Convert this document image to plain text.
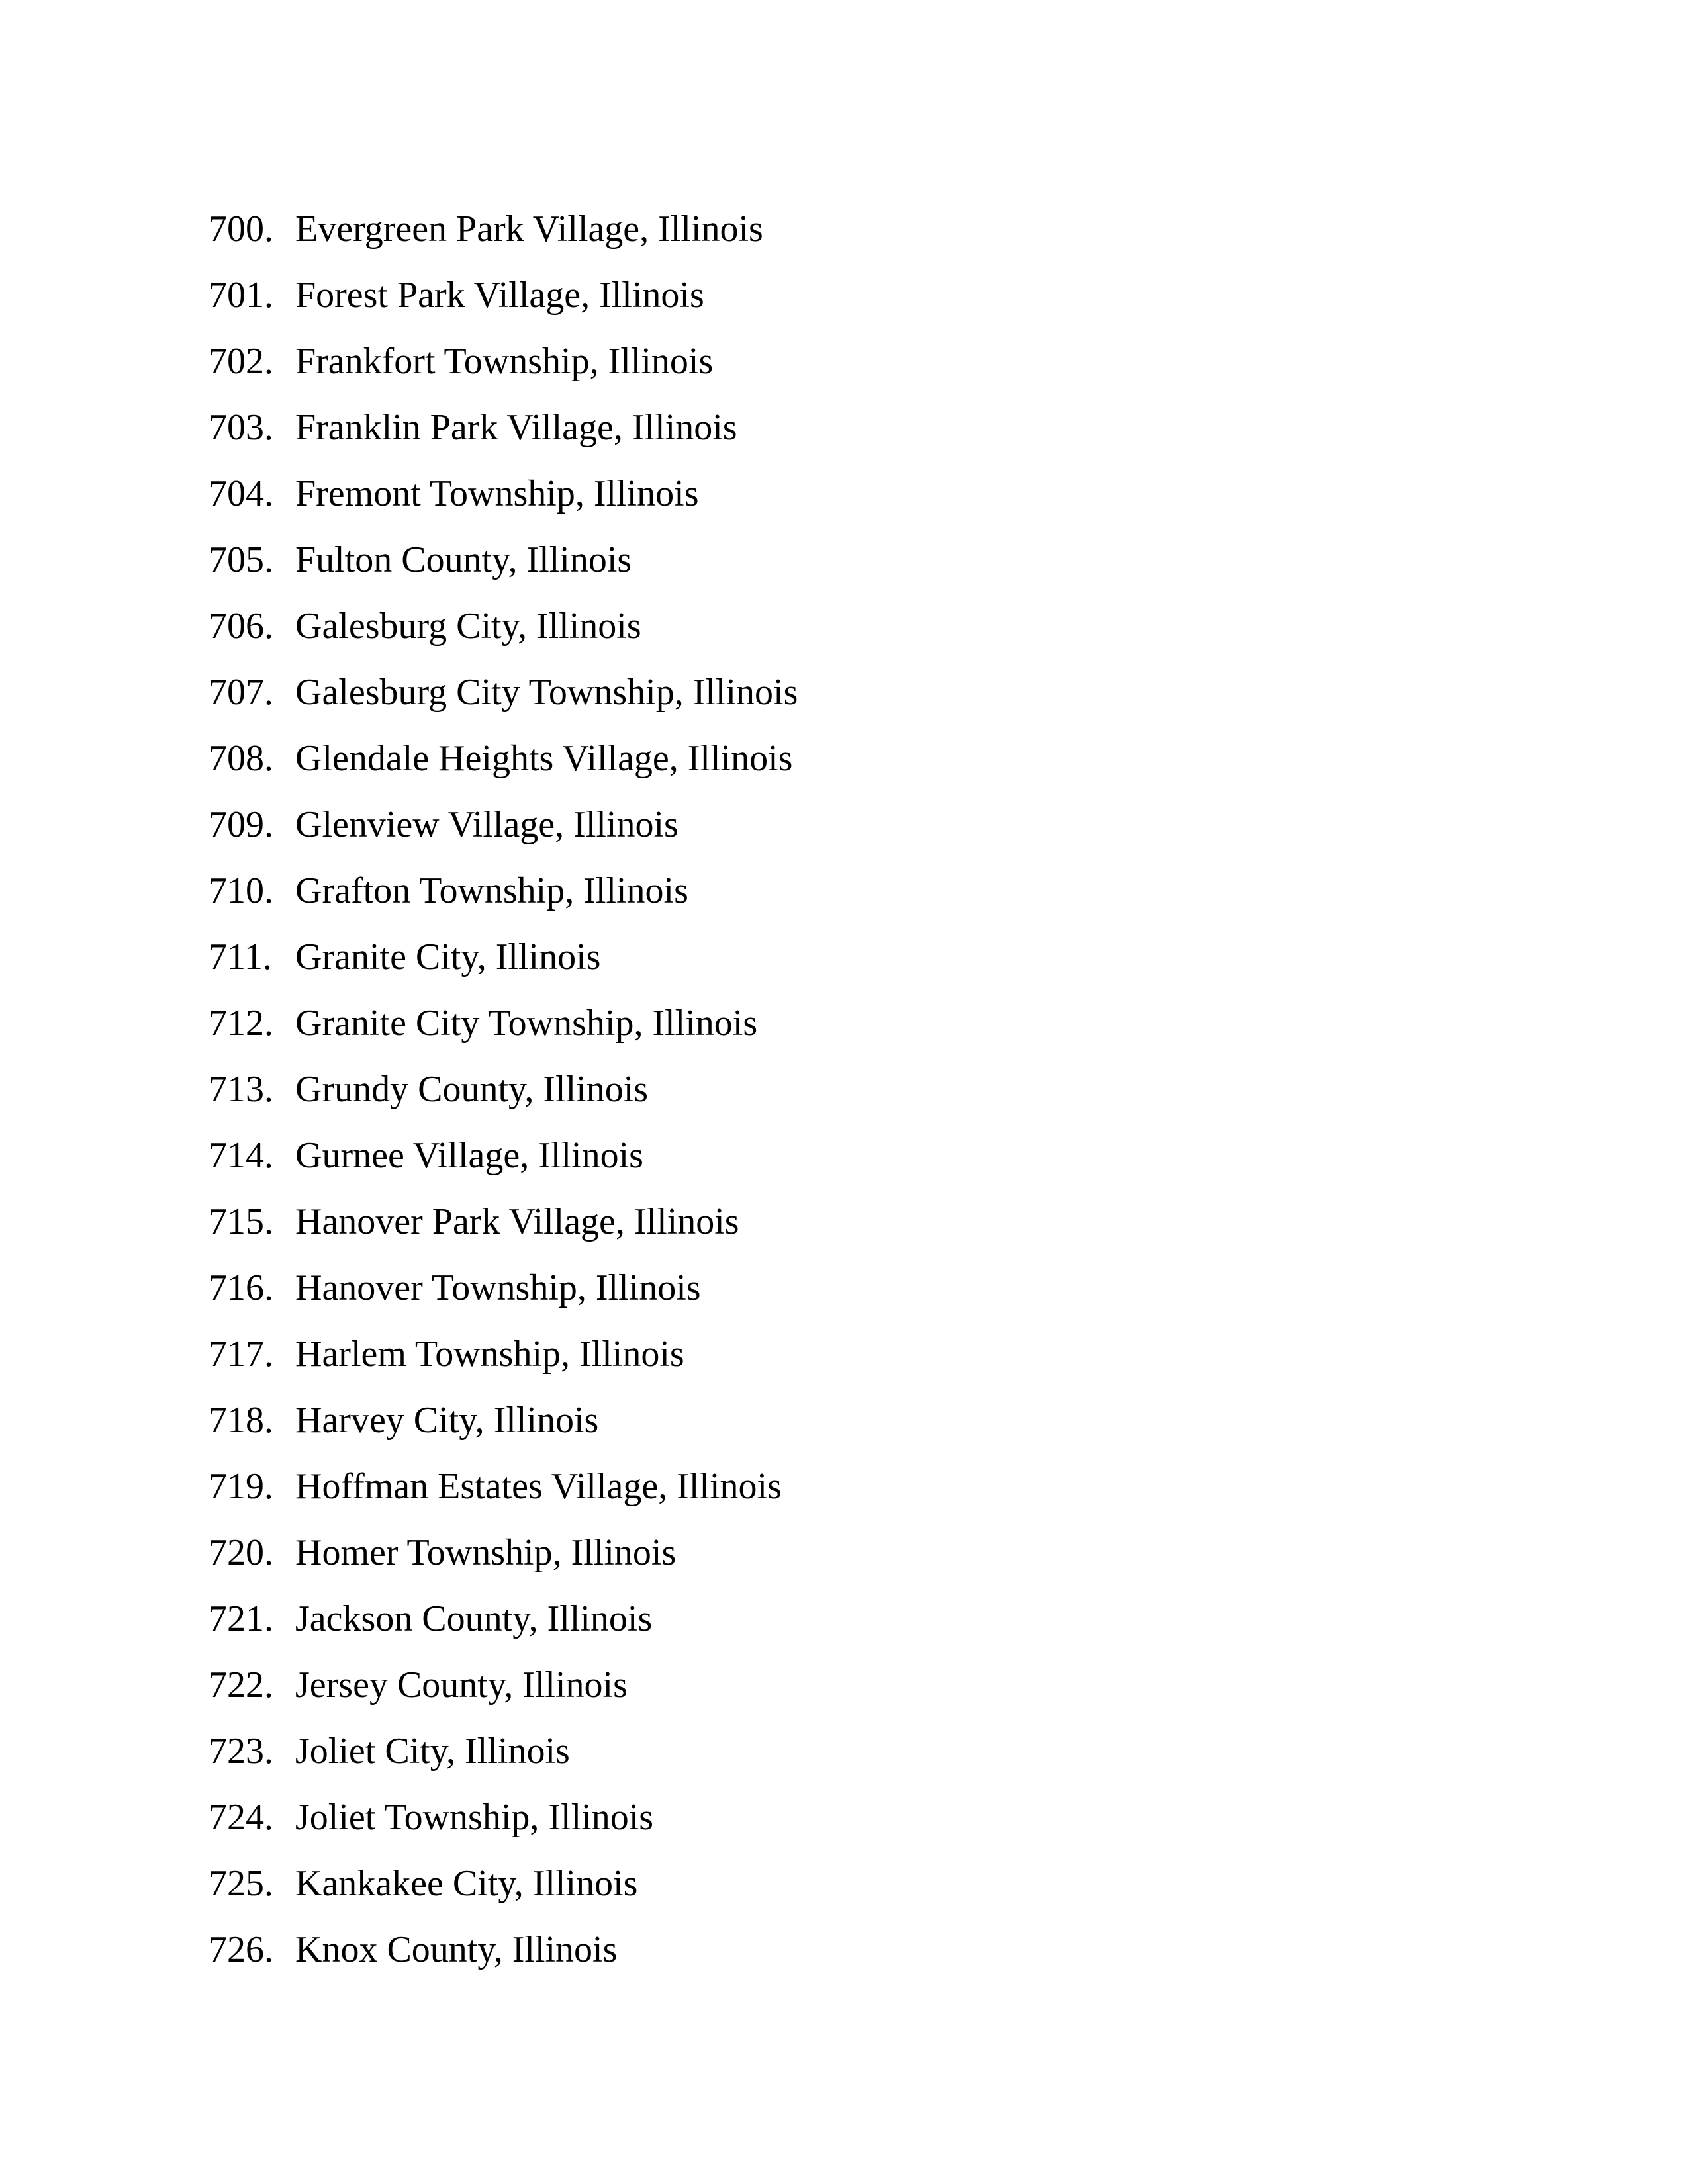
700. Evergreen Park Village, Illinois
701. Forest Park Village, Illinois
702. Frankfort Township, Illinois
703. Franklin Park Village, Illinois
704. Fremont Township, Illinois
705. Fulton County, Illinois
706. Galesburg City, Illinois
707. Galesburg City Township, Illinois
708. Glendale Heights Village, Illinois
709. Glenview Village, Illinois
710. Grafton Township, Illinois
711. Granite City, Illinois
712. Granite City Township, Illinois
713. Grundy County, Illinois
714. Gurnee Village, Illinois
715. Hanover Park Village, Illinois
716. Hanover Township, Illinois
717. Harlem Township, Illinois
718. Harvey City, Illinois
719. Hoffman Estates Village, Illinois
720. Homer Township, Illinois
721. Jackson County, Illinois
722. Jersey County, Illinois
723. Joliet City, Illinois
724. Joliet Township, Illinois
725. Kankakee City, Illinois
726. Knox County, Illinois
